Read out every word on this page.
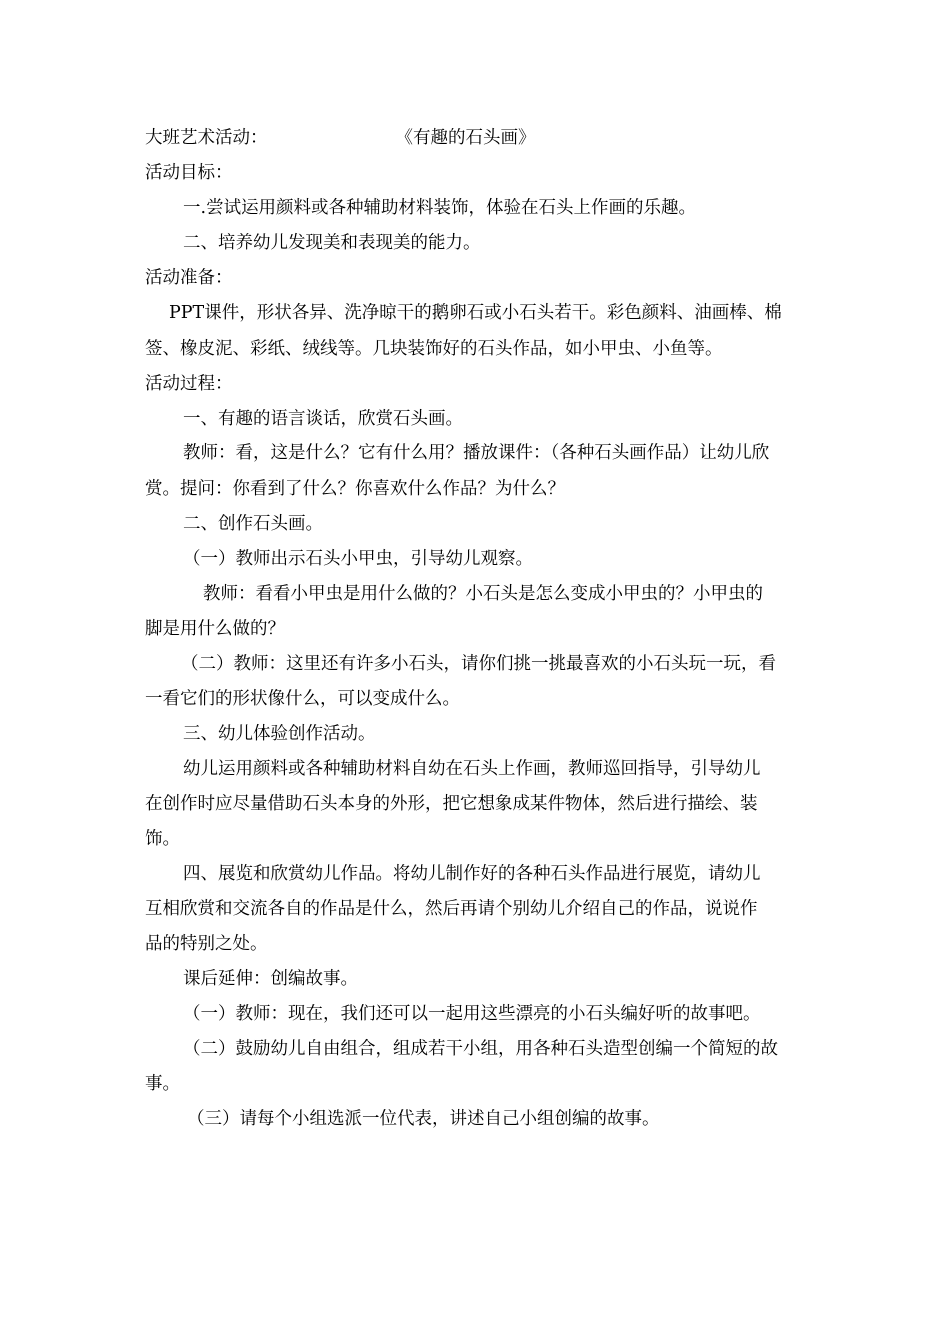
大班艺术活动：	《有趣的石头画》
活动目标：
一.尝试运用颜料或各种辅助材料装饰，体验在石头上作画的乐趣。
二、培养幼儿发现美和表现美的能力。
活动准备：
PPT课件，形状各异、洗净晾干的鹅卵石或小石头若干。彩色颜料、油画棒、棉
签、橡皮泥、彩纸、绒线等。几块装饰好的石头作品，如小甲虫、小鱼等。
活动过程：
一、有趣的语言谈话，欣赏石头画。
教师：看，这是什么？它有什么用？播放课件：（各种石头画作品）让幼儿欣
赏。提问：你看到了什么？你喜欢什么作品？为什么？
二、创作石头画。
（一）教师出示石头小甲虫，引导幼儿观察。
教师：看看小甲虫是用什么做的？小石头是怎么变成小甲虫的？小甲虫的
脚是用什么做的？
（二）教师：这里还有许多小石头，请你们挑一挑最喜欢的小石头玩一玩，看
一看它们的形状像什么，可以变成什么。
三、幼儿体验创作活动。
幼儿运用颜料或各种辅助材料自幼在石头上作画，教师巡回指导，引导幼儿
在创作时应尽量借助石头本身的外形，把它想象成某件物体，然后进行描绘、装
饰。
四、展览和欣赏幼儿作品。将幼儿制作好的各种石头作品进行展览，请幼儿
互相欣赏和交流各自的作品是什么，然后再请个别幼儿介绍自己的作品，说说作
品的特别之处。
课后延伸：创编故事。
（一）教师：现在，我们还可以一起用这些漂亮的小石头编好听的故事吧。
（二）鼓励幼儿自由组合，组成若干小组，用各种石头造型创编一个简短的故
事。
（三）请每个小组选派一位代表，讲述自己小组创编的故事。
